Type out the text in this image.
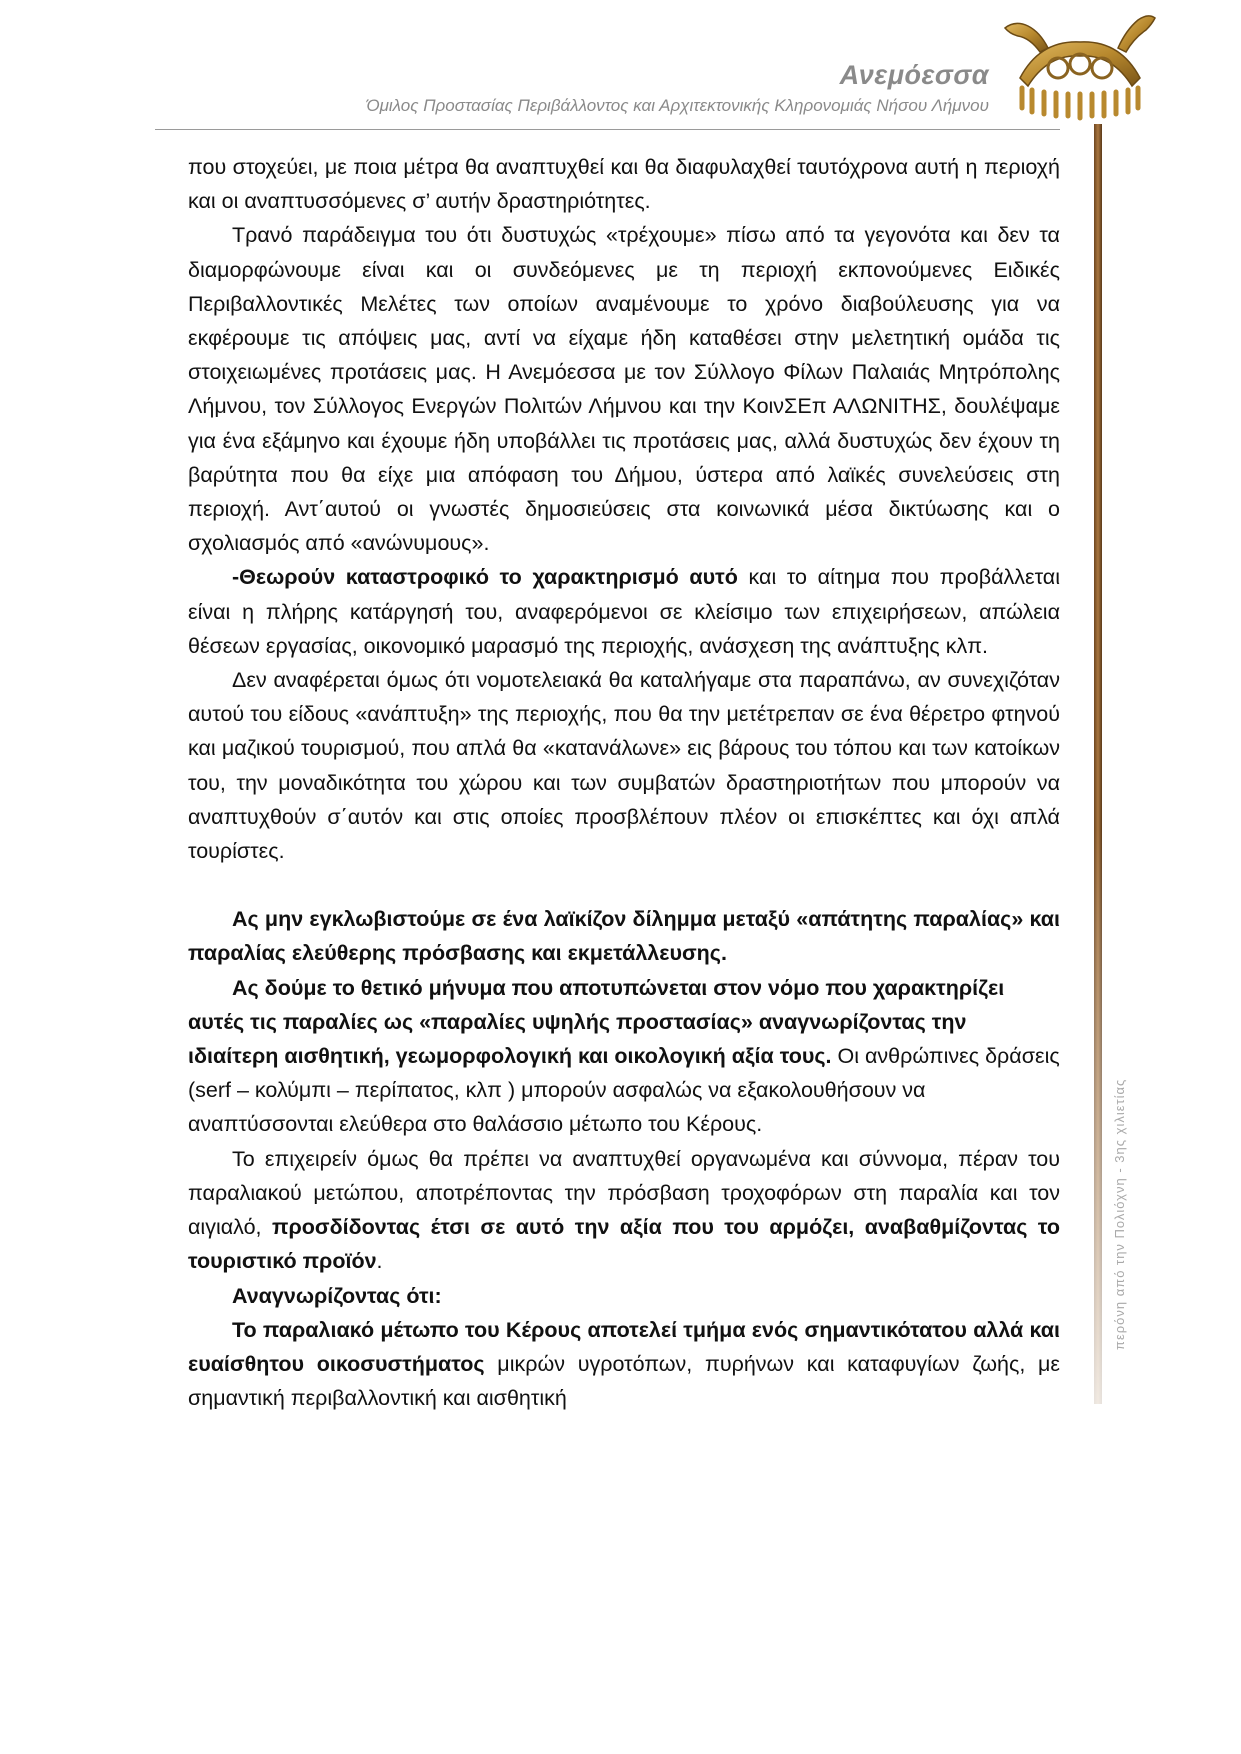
Ανεμόεσσα
Όμιλος Προστασίας Περιβάλλοντος και Αρχιτεκτονικής Κληρονομιάς Νήσου Λήμνου
περόνη από την Πολιόχνη - 3ης χιλιετίας

που στοχεύει, με ποια μέτρα θα αναπτυχθεί και θα διαφυλαχθεί ταυτόχρονα αυτή η περιοχή και οι αναπτυσσόμενες σ’ αυτήν δραστηριότητες.

Τρανό παράδειγμα του ότι δυστυχώς «τρέχουμε» πίσω από τα γεγονότα και δεν τα διαμορφώνουμε είναι και οι συνδεόμενες με τη περιοχή εκπονούμενες Ειδικές Περιβαλλοντικές Μελέτες των οποίων αναμένουμε το χρόνο διαβούλευσης για να εκφέρουμε τις απόψεις μας, αντί να είχαμε ήδη καταθέσει στην μελετητική ομάδα τις στοιχειωμένες προτάσεις μας. Η Ανεμόεσσα με τον Σύλλογο Φίλων Παλαιάς Μητρόπολης Λήμνου, τον Σύλλογος Ενεργών Πολιτών Λήμνου και την ΚοινΣΕπ ΑΛΩΝΙΤΗΣ, δουλέψαμε για ένα εξάμηνο και έχουμε ήδη υποβάλλει τις προτάσεις μας, αλλά δυστυχώς δεν έχουν τη βαρύτητα που θα είχε μια απόφαση του Δήμου, ύστερα από λαϊκές συνελεύσεις στη περιοχή. Αντ΄αυτού οι γνωστές δημοσιεύσεις στα κοινωνικά μέσα δικτύωσης και ο σχολιασμός από «ανώνυμους».

-Θεωρούν καταστροφικό το χαρακτηρισμό αυτό και το αίτημα που προβάλλεται είναι η πλήρης κατάργησή του, αναφερόμενοι σε κλείσιμο των επιχειρήσεων, απώλεια θέσεων εργασίας, οικονομικό μαρασμό της περιοχής, ανάσχεση της ανάπτυξης κλπ.

Δεν αναφέρεται όμως ότι νομοτελειακά θα καταλήγαμε στα παραπάνω, αν συνεχιζόταν αυτού του είδους «ανάπτυξη» της περιοχής, που θα την μετέτρεπαν σε ένα θέρετρο φτηνού και μαζικού τουρισμού, που απλά θα «κατανάλωνε» εις βάρους του τόπου και των κατοίκων του, την μοναδικότητα του χώρου και των συμβατών δραστηριοτήτων που μπορούν να αναπτυχθούν σ΄αυτόν και στις οποίες προσβλέπουν πλέον οι επισκέπτες και όχι απλά τουρίστες.

Ας μην εγκλωβιστούμε σε ένα λαϊκίζον δίλημμα μεταξύ «απάτητης παραλίας» και παραλίας ελεύθερης πρόσβασης και εκμετάλλευσης.

Ας δούμε το θετικό μήνυμα που αποτυπώνεται στον νόμο που χαρακτηρίζει αυτές τις παραλίες ως «παραλίες υψηλής προστασίας» αναγνωρίζοντας την ιδιαίτερη αισθητική, γεωμορφολογική και οικολογική αξία τους. Οι ανθρώπινες δράσεις (serf – κολύμπι – περίπατος, κλπ ) μπορούν ασφαλώς να εξακολουθήσουν να αναπτύσσονται ελεύθερα στο θαλάσσιο μέτωπο του Κέρους.

Το επιχειρείν όμως θα πρέπει να αναπτυχθεί οργανωμένα και σύννομα, πέραν του παραλιακού μετώπου, αποτρέποντας την πρόσβαση τροχοφόρων στη παραλία και τον αιγιαλό, προσδίδοντας έτσι σε αυτό την αξία που του αρμόζει, αναβαθμίζοντας το τουριστικό προϊόν.

Αναγνωρίζοντας ότι:

Το παραλιακό μέτωπο του Κέρους αποτελεί τμήμα ενός σημαντικότατου αλλά και ευαίσθητου οικοσυστήματος μικρών υγροτόπων, πυρήνων και καταφυγίων ζωής, με σημαντική περιβαλλοντική και αισθητική
